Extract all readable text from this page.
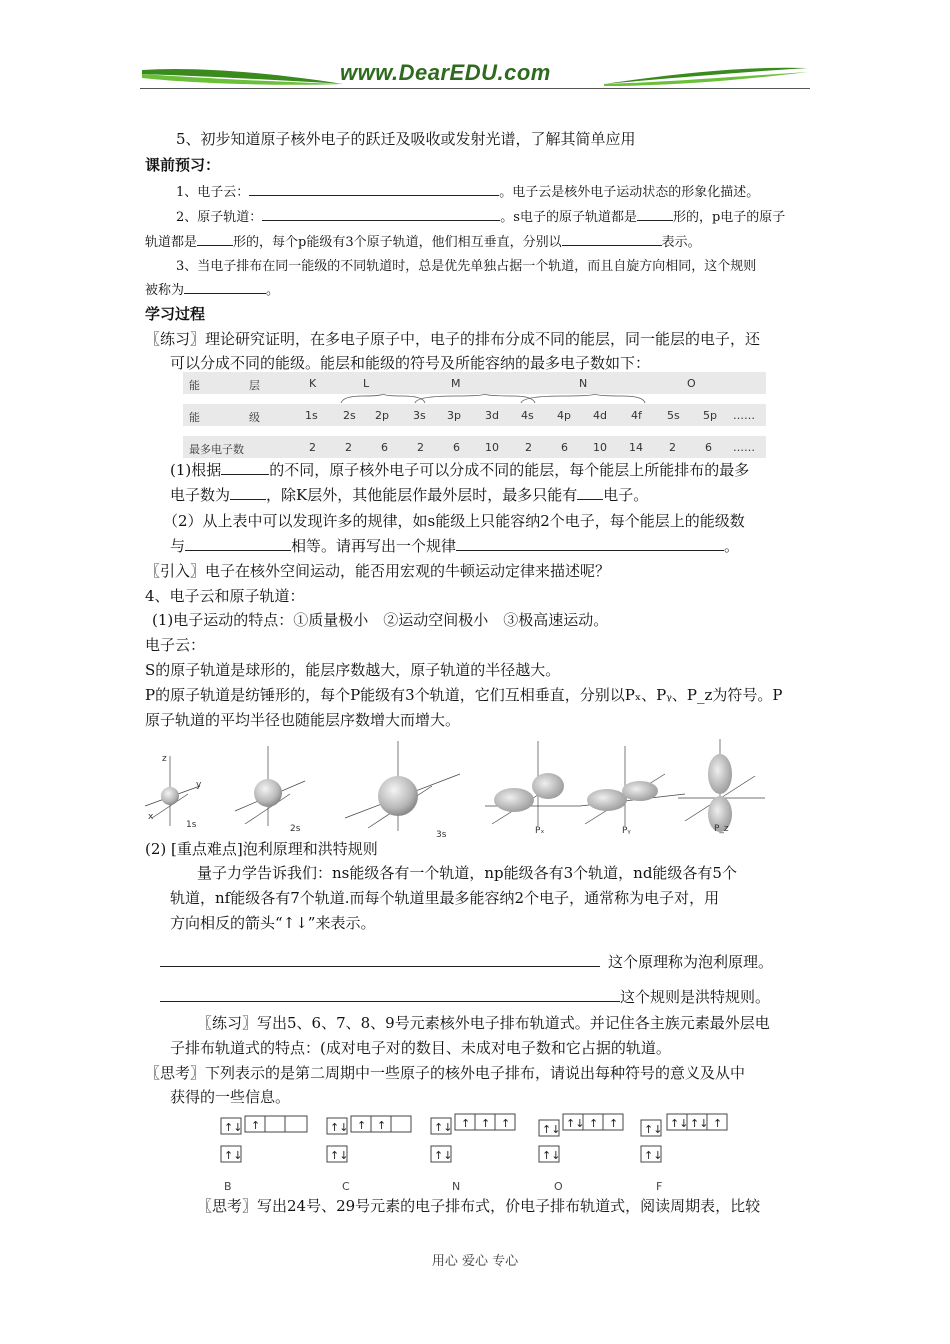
www.DearEDU.com
5、初步知道原子核外电子的跃迁及吸收或发射光谱，了解其简单应用
课前预习：
1、电子云：	。电子云是核外电子运动状态的形象化描述。
2、原子轨道：	。s电子的原子轨道都是	形的，p电子的原子
轨道都是	形的，每个p能级有3个原子轨道，他们相互垂直，分别以	表示。
3、当电子排布在同一能级的不同轨道时，总是优先单独占据一个轨道，而且自旋方向相同，这个规则
被称为	。
学习过程
〖练习〗理论研究证明，在多电子原子中，电子的排布分成不同的能层，同一能层的电子，还
可以分成不同的能级。能层和能级的符号及所能容纳的最多电子数如下：
能	层	K	L	M	N	O
能	级	1s 2s 2p 3s 3p 3d 4s 4p 4d 4f 5s 5p ……
最多电子数	2	2	6	2	6 10 2	6 10 14 2	6 ……
(1)根据	的不同，原子核外电子可以分成不同的能层，每个能层上所能排布的最多
电子数为 ，除K层外，其他能层作最外层时，最多只能有 电子。
（2）从上表中可以发现许多的规律，如s能级上只能容纳2个电子，每个能层上的能级数
与	相等。请再写出一个规律	。
〖引入〗电子在核外空间运动，能否用宏观的牛顿运动定律来描述呢？
4、电子云和原子轨道：
(1)电子运动的特点：①质量极小　②运动空间极小　③极高速运动。
电子云：
S的原子轨道是球形的，能层序数越大，原子轨道的半径越大。
P的原子轨道是纺锤形的，每个P能级有3个轨道，它们互相垂直，分别以Pₓ、Pᵧ、P_z为符号。P
原子轨道的平均半径也随能层序数增大而增大。
1s	2s
3s	Pₓ	Pᵧ	P_z
z
y
x
(2) [重点难点]泡利原理和洪特规则
量子力学告诉我们：ns能级各有一个轨道，np能级各有3个轨道，nd能级各有5个
轨道，nf能级各有7个轨道.而每个轨道里最多能容纳2个电子，通常称为电子对，用
方向相反的箭头“↑↓”来表示。
这个原理称为泡利原理。
这个规则是洪特规则。
〖练习〗写出5、6、7、8、9号元素核外电子排布轨道式。并记住各主族元素最外层电
子排布轨道式的特点：(成对电子对的数目、未成对电子数和它占据的轨道。
〖思考〗下列表示的是第二周期中一些原子的核外电子排布，请说出每种符号的意义及从中
获得的一些信息。
↑↓
↑↓
↑	↑↓
↑↓
↑ ↑	↑↓
↑↓
↑ ↑ ↑	↑↓
↑↓
↑↓ ↑ ↑ ↑↓
↑↓
↑↓ ↑↓ ↑
B	C	N	O	F
〖思考〗写出24号、29号元素的电子排布式，价电子排布轨道式，阅读周期表，比较
用心 爱心 专心
